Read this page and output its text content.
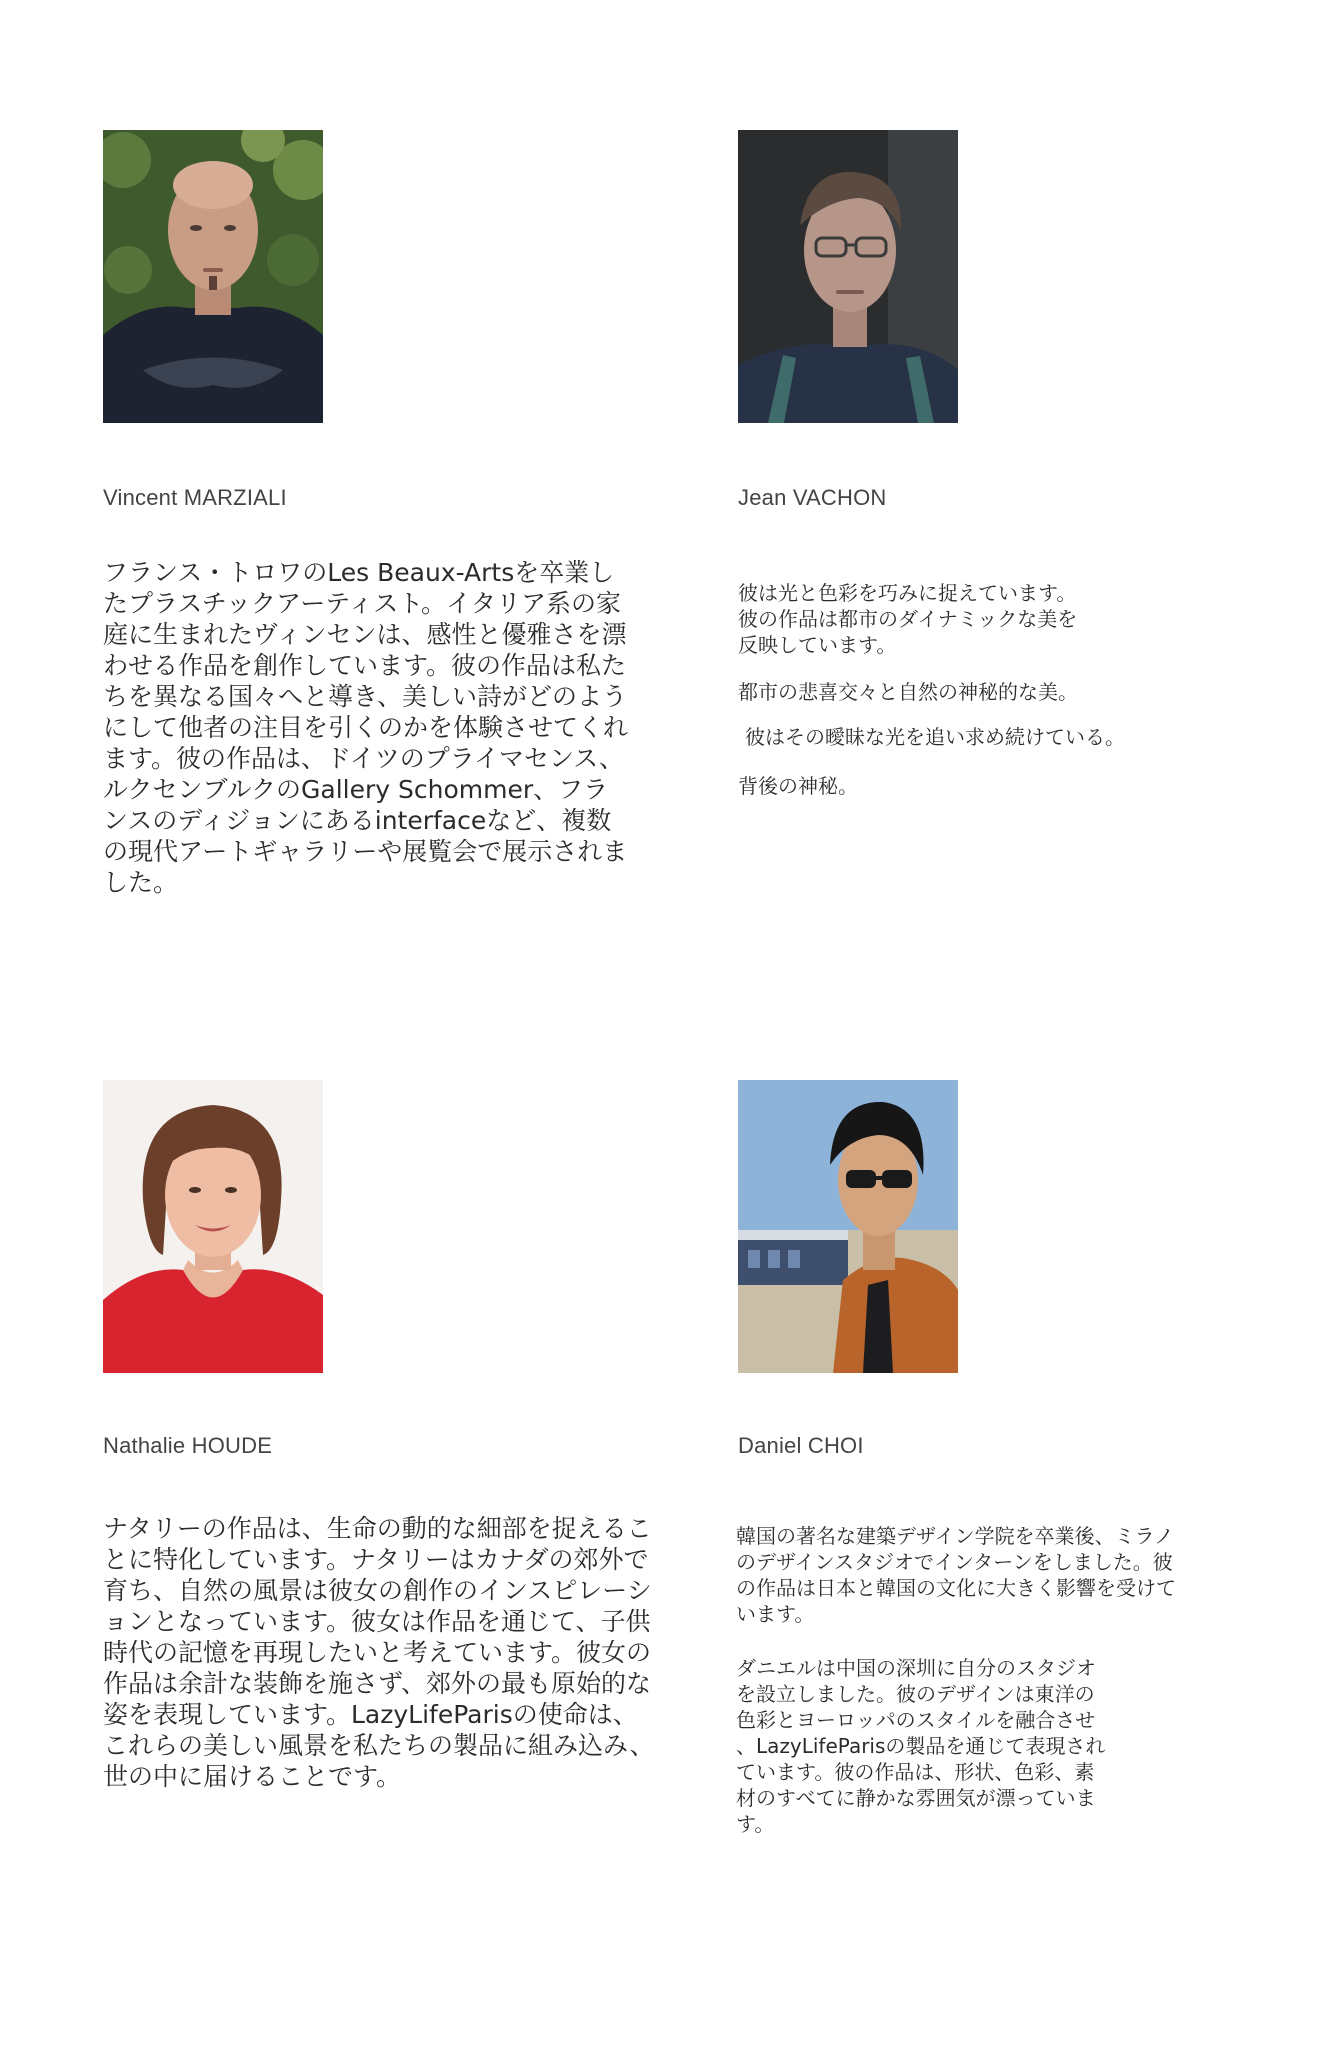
Vincent MARZIALI

フランス・トロワのLes Beaux-Artsを卒業したプラスチックアーティスト。イタリア系の家庭に生まれたヴィンセンは、感性と優雅さを漂わせる作品を創作しています。彼の作品は私たちを異なる国々へと導き、美しい詩がどのようにして他者の注目を引くのかを体験させてくれます。彼の作品は、ドイツのプライマセンス、ルクセンブルクのGallery Schommer、フランスのディジョンにあるinterfaceなど、複数の現代アートギャラリーや展覧会で展示されました。

Jean VACHON

彼は光と色彩を巧みに捉えています。彼の作品は都市のダイナミックな美を反映しています。

都市の悲喜交々と自然の神秘的な美。

彼はその曖昧な光を追い求め続けている。

背後の神秘。

Nathalie HOUDE

ナタリーの作品は、生命の動的な細部を捉えることに特化しています。ナタリーはカナダの郊外で育ち、自然の風景は彼女の創作のインスピレーションとなっています。彼女は作品を通じて、子供時代の記憶を再現したいと考えています。彼女の作品は余計な装飾を施さず、郊外の最も原始的な姿を表現しています。LazyLifeParisの使命は、これらの美しい風景を私たちの製品に組み込み、世の中に届けることです。

Daniel CHOI

韓国の著名な建築デザイン学院を卒業後、ミラノのデザインスタジオでインターンをしました。彼の作品は日本と韓国の文化に大きく影響を受けています。

ダニエルは中国の深圳に自分のスタジオを設立しました。彼のデザインは東洋の色彩とヨーロッパのスタイルを融合させ、LazyLifeParisの製品を通じて表現されています。彼の作品は、形状、色彩、素材のすべてに静かな雰囲気が漂っています。
